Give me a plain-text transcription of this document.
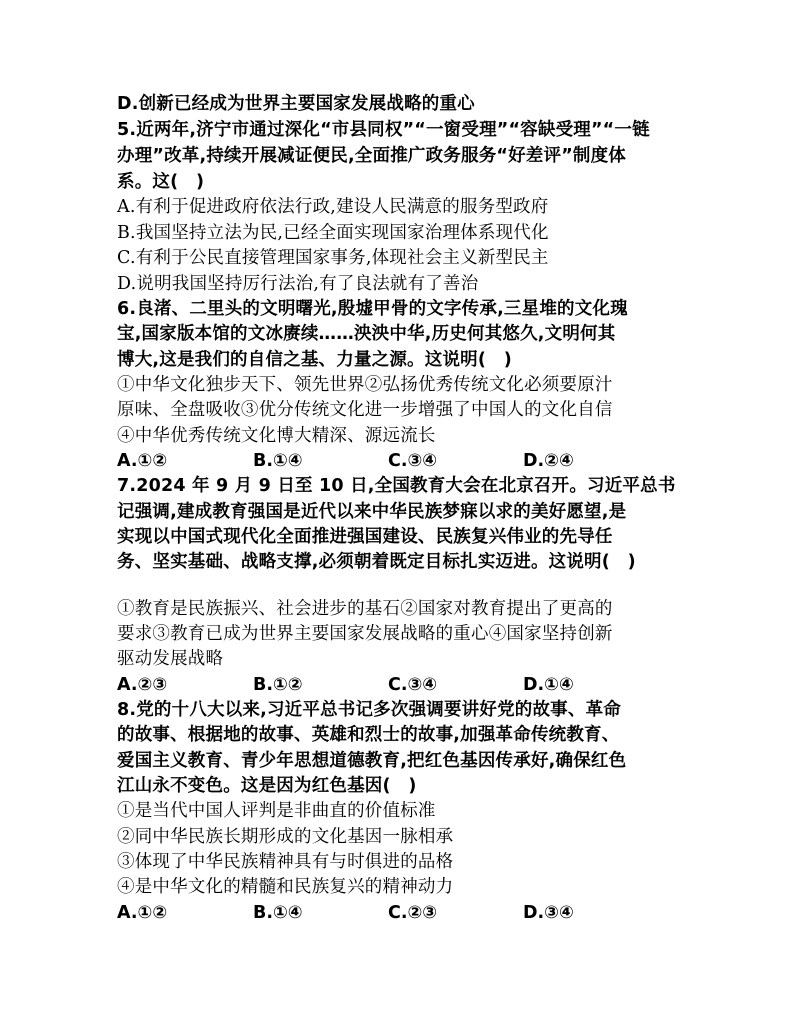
D.创新已经成为世界主要国家发展战略的重心
5.近两年,济宁市通过深化“市县同权”“一窗受理”“容缺受理”“一链
办理”改革,持续开展减证便民,全面推广政务服务“好差评”制度体
系。这(　)
A.有利于促进政府依法行政,建设人民满意的服务型政府
B.我国坚持立法为民,已经全面实现国家治理体系现代化
C.有利于公民直接管理国家事务,体现社会主义新型民主
D.说明我国坚持厉行法治,有了良法就有了善治
6.良渚、二里头的文明曙光,殷墟甲骨的文字传承,三星堆的文化瑰
宝,国家版本馆的文冰赓续……泱泱中华,历史何其悠久,文明何其
博大,这是我们的自信之基、力量之源。这说明(　)
①中华文化独步天下、领先世界②弘扬优秀传统文化必须要原汁
原味、全盘吸收③优分传统文化进一步增强了中国人的文化自信
④中华优秀传统文化博大精深、源远流长
A.①②	B.①④	C.③④	D.②④
7.2024 年 9 月 9 日至 10 日,全国教育大会在北京召开。习近平总书
记强调,建成教育强国是近代以来中华民族梦寐以求的美好愿望,是
实现以中国式现代化全面推进强国建设、民族复兴伟业的先导任
务、坚实基础、战略支撑,必须朝着既定目标扎实迈进。这说明(　)
①教育是民族振兴、社会进步的基石②国家对教育提出了更高的
要求③教育已成为世界主要国家发展战略的重心④国家坚持创新
驱动发展战略
A.②③	B.①②	C.③④	D.①④
8.党的十八大以来,习近平总书记多次强调要讲好党的故事、革命
的故事、根据地的故事、英雄和烈士的故事,加强革命传统教育、
爱国主义教育、青少年思想道德教育,把红色基因传承好,确保红色
江山永不变色。这是因为红色基因(　)
①是当代中国人评判是非曲直的价值标准
②同中华民族长期形成的文化基因一脉相承
③体现了中华民族精神具有与时俱进的品格
④是中华文化的精髓和民族复兴的精神动力
A.①②	B.①④	C.②③	D.③④
